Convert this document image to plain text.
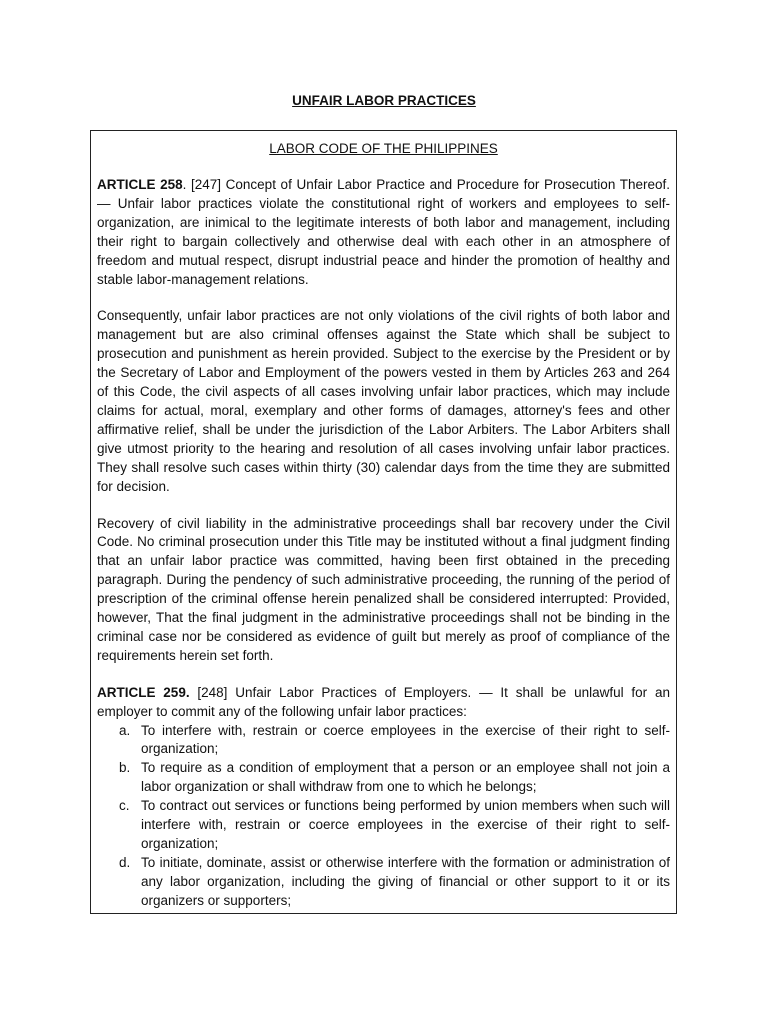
UNFAIR LABOR PRACTICES

LABOR CODE OF THE PHILIPPINES

ARTICLE 258. [247] Concept of Unfair Labor Practice and Procedure for Prosecution Thereof. — Unfair labor practices violate the constitutional right of workers and employees to self-organization, are inimical to the legitimate interests of both labor and management, including their right to bargain collectively and otherwise deal with each other in an atmosphere of freedom and mutual respect, disrupt industrial peace and hinder the promotion of healthy and stable labor-management relations.

Consequently, unfair labor practices are not only violations of the civil rights of both labor and management but are also criminal offenses against the State which shall be subject to prosecution and punishment as herein provided. Subject to the exercise by the President or by the Secretary of Labor and Employment of the powers vested in them by Articles 263 and 264 of this Code, the civil aspects of all cases involving unfair labor practices, which may include claims for actual, moral, exemplary and other forms of damages, attorney's fees and other affirmative relief, shall be under the jurisdiction of the Labor Arbiters. The Labor Arbiters shall give utmost priority to the hearing and resolution of all cases involving unfair labor practices. They shall resolve such cases within thirty (30) calendar days from the time they are submitted for decision.

Recovery of civil liability in the administrative proceedings shall bar recovery under the Civil Code. No criminal prosecution under this Title may be instituted without a final judgment finding that an unfair labor practice was committed, having been first obtained in the preceding paragraph. During the pendency of such administrative proceeding, the running of the period of prescription of the criminal offense herein penalized shall be considered interrupted: Provided, however, That the final judgment in the administrative proceedings shall not be binding in the criminal case nor be considered as evidence of guilt but merely as proof of compliance of the requirements herein set forth.

ARTICLE 259. [248] Unfair Labor Practices of Employers. — It shall be unlawful for an employer to commit any of the following unfair labor practices:

a. To interfere with, restrain or coerce employees in the exercise of their right to self-organization;
b. To require as a condition of employment that a person or an employee shall not join a labor organization or shall withdraw from one to which he belongs;
c. To contract out services or functions being performed by union members when such will interfere with, restrain or coerce employees in the exercise of their right to self-organization;
d. To initiate, dominate, assist or otherwise interfere with the formation or administration of any labor organization, including the giving of financial or other support to it or its organizers or supporters;
